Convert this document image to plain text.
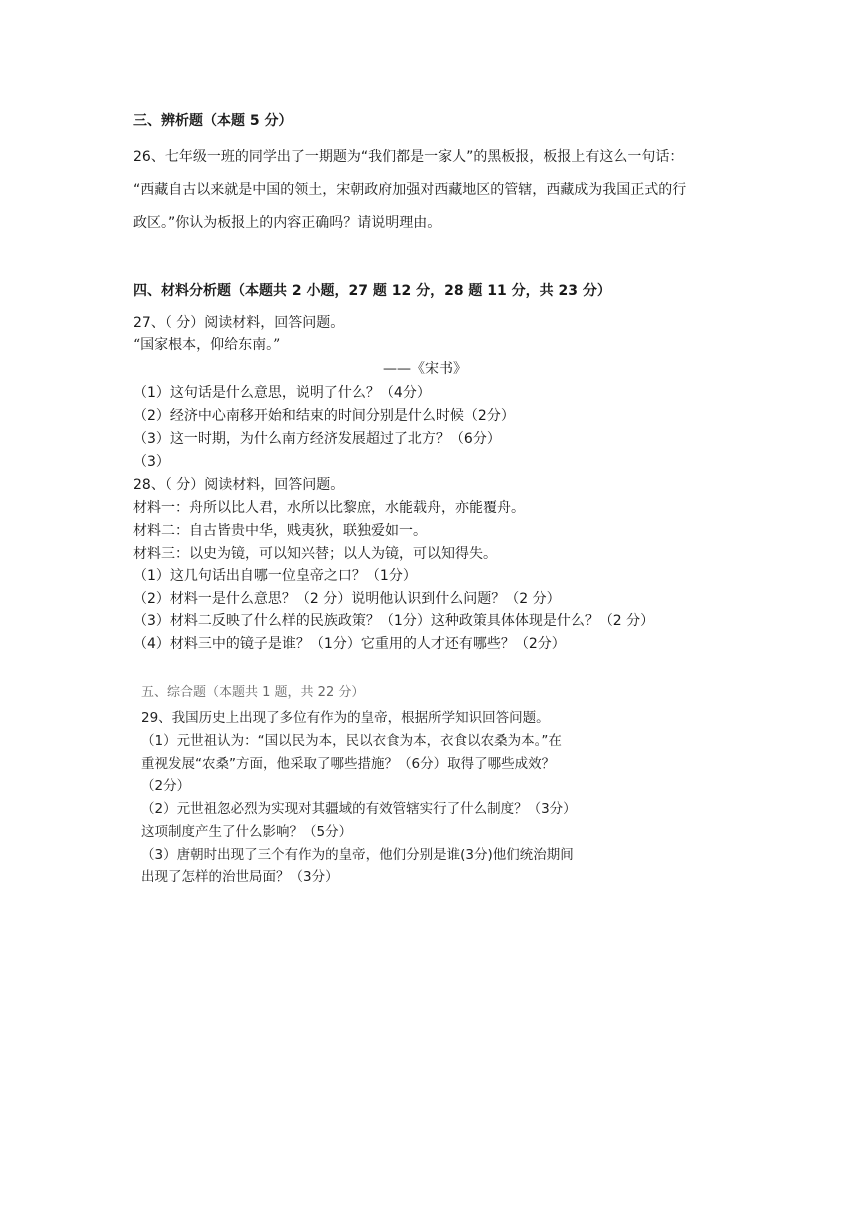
三、辨析题（本题 5 分）
26、七年级一班的同学出了一期题为“我们都是一家人”的黑板报，板报上有这么一句话：
“西藏自古以来就是中国的领土，宋朝政府加强对西藏地区的管辖，西藏成为我国正式的行
政区。”你认为板报上的内容正确吗？请说明理由。
四、材料分析题（本题共 2 小题，27 题 12 分，28 题 11 分，共 23 分）
27、（ 分）阅读材料，回答问题。
“国家根本，仰给东南。”
——《宋书》
（1）这句话是什么意思，说明了什么？（4分）
（2）经济中心南移开始和结束的时间分别是什么时候（2分）
（3）这一时期，为什么南方经济发展超过了北方？（6分）
（3）
28、（ 分）阅读材料，回答问题。
材料一：舟所以比人君，水所以比黎庶，水能载舟，亦能覆舟。
材料二：自古皆贵中华，贱夷狄，联独爱如一。
材料三：以史为镜，可以知兴替；以人为镜，可以知得失。
（1）这几句话出自哪一位皇帝之口？（1分）
（2）材料一是什么意思？（2 分）说明他认识到什么问题？（2 分）
（3）材料二反映了什么样的民族政策？（1分）这种政策具体体现是什么？（2 分）
（4）材料三中的镜子是谁？（1分）它重用的人才还有哪些？（2分）
五、综合题（本题共 1 题，共 22 分）
29、我国历史上出现了多位有作为的皇帝，根据所学知识回答问题。
（1）元世祖认为：“国以民为本，民以衣食为本，衣食以农桑为本。”在
重视发展“农桑”方面，他采取了哪些措施？（6分）取得了哪些成效？
（2分）
（2）元世祖忽必烈为实现对其疆域的有效管辖实行了什么制度？（3分）
这项制度产生了什么影响？（5分）
（3）唐朝时出现了三个有作为的皇帝，他们分别是谁(3分)他们统治期间
出现了怎样的治世局面？（3分）
